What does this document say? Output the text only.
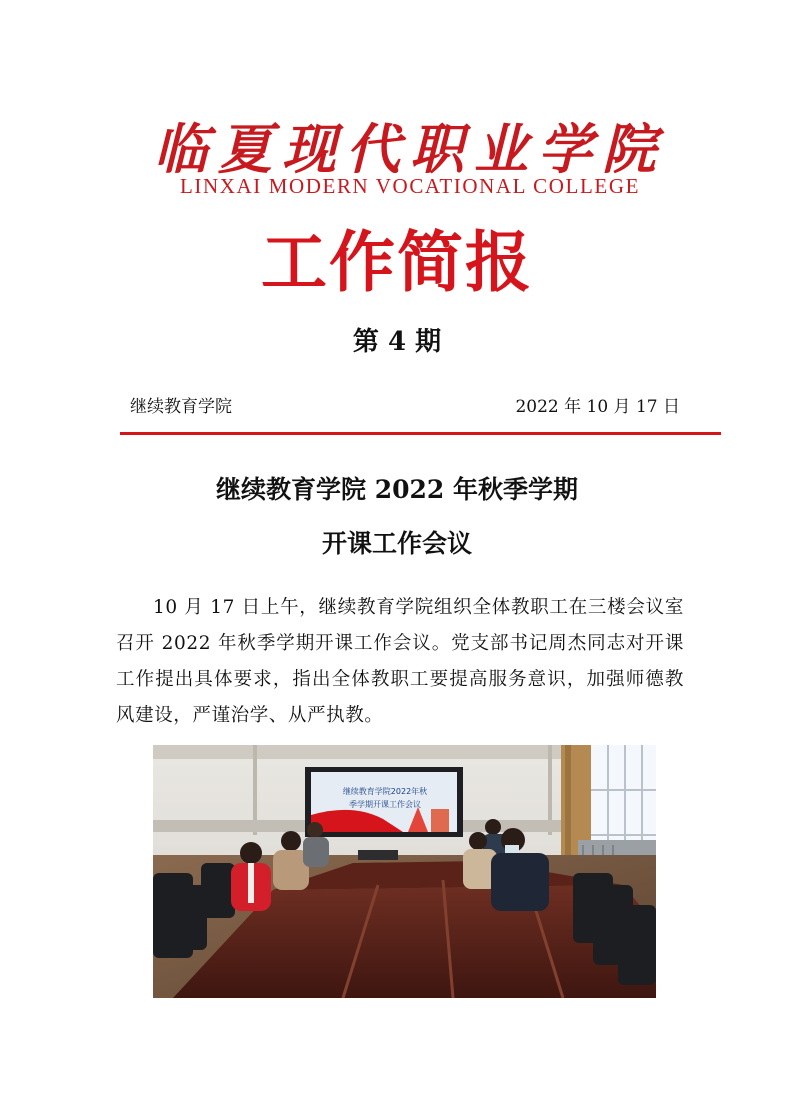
临夏现代职业学院
LINXAI MODERN VOCATIONAL COLLEGE
工作简报
第 4 期
继续教育学院	2022 年 10 月 17 日
继续教育学院 2022 年秋季学期
开课工作会议

10 月 17 日上午，继续教育学院组织全体教职工在三楼会议室召开 2022 年秋季学期开课工作会议。党支部书记周杰同志对开课工作提出具体要求，指出全体教职工要提高服务意识，加强师德教风建设，严谨治学、从严执教。

继续教育学院2022年秋
季学期开课工作会议
